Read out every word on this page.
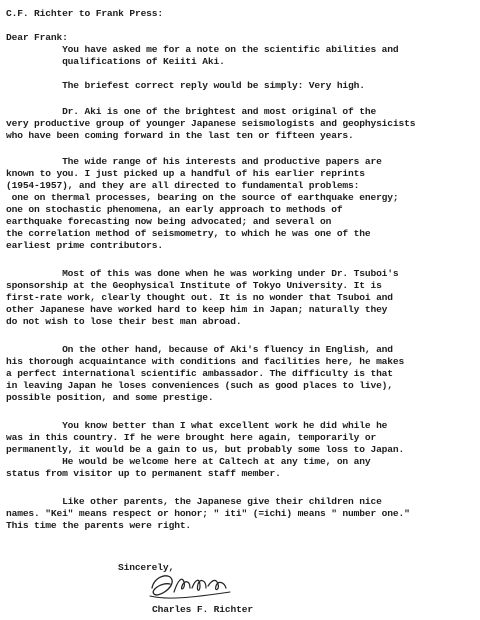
C.F. Richter to Frank Press:
Dear Frank:
You have asked me for a note on the scientific abilities and
qualifications of Keiiti Aki.
The briefest correct reply would be simply: Very high.
Dr. Aki is one of the brightest and most original of the
very productive group of younger Japanese seismologists and geophysicists
who have been coming forward in the last ten or fifteen years.
The wide range of his interests and productive papers are
known to you. I just picked up a handful of his earlier reprints
(1954-1957), and they are all directed to fundamental problems:
one on thermal processes, bearing on the source of earthquake energy;
one on stochastic phenomena, an early approach to methods of
earthquake forecasting now being advocated; and several on
the correlation method of seismometry, to which he was one of the
earliest prime contributors.
Most of this was done when he was working under Dr. Tsuboi's
sponsorship at the Geophysical Institute of Tokyo University. It is
first-rate work, clearly thought out. It is no wonder that Tsuboi and
other Japanese have worked hard to keep him in Japan; naturally they
do not wish to lose their best man abroad.
On the other hand, because of Aki's fluency in English, and
his thorough acquaintance with conditions and facilities here, he makes
a perfect international scientific ambassador. The difficulty is that
in leaving Japan he loses conveniences (such as good places to live),
possible position, and some prestige.
You know better than I what excellent work he did while he
was in this country. If he were brought here again, temporarily or
permanently, it would be a gain to us, but probably some loss to Japan.
He would be welcome here at Caltech at any time, on any
status from visitor up to permanent staff member.
Like other parents, the Japanese give their children nice
names. "Kei" means respect or honor; " iti" (=ichi) means " number one."
This time the parents were right.
Sincerely,
Charles F. Richter
